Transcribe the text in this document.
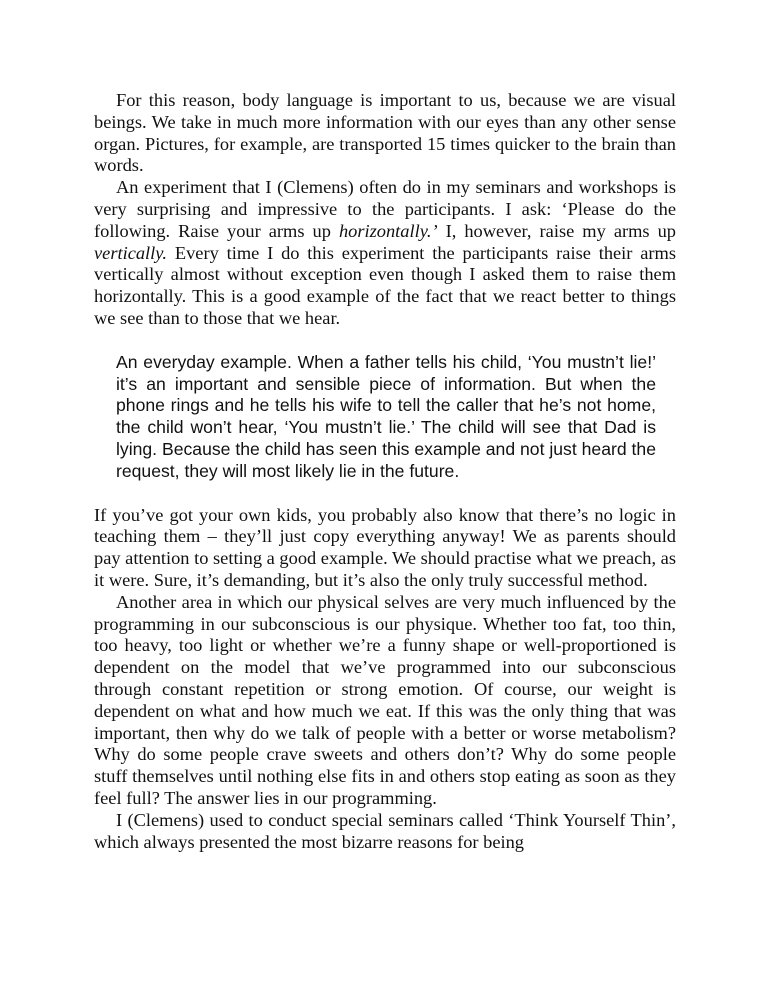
For this reason, body language is important to us, because we are visual beings. We take in much more information with our eyes than any other sense organ. Pictures, for example, are transported 15 times quicker to the brain than words.

An experiment that I (Clemens) often do in my seminars and workshops is very surprising and impressive to the participants. I ask: ‘Please do the following. Raise your arms up horizontally.’ I, however, raise my arms up vertically. Every time I do this experiment the participants raise their arms vertically almost without exception even though I asked them to raise them horizontally. This is a good example of the fact that we react better to things we see than to those that we hear.

An everyday example. When a father tells his child, ‘You mustn’t lie!’ it’s an important and sensible piece of information. But when the phone rings and he tells his wife to tell the caller that he’s not home, the child won’t hear, ‘You mustn’t lie.’ The child will see that Dad is lying. Because the child has seen this example and not just heard the request, they will most likely lie in the future.

If you’ve got your own kids, you probably also know that there’s no logic in teaching them – they’ll just copy everything anyway! We as parents should pay attention to setting a good example. We should practise what we preach, as it were. Sure, it’s demanding, but it’s also the only truly successful method.

Another area in which our physical selves are very much influenced by the programming in our subconscious is our physique. Whether too fat, too thin, too heavy, too light or whether we’re a funny shape or well-proportioned is dependent on the model that we’ve programmed into our subconscious through constant repetition or strong emotion. Of course, our weight is dependent on what and how much we eat. If this was the only thing that was important, then why do we talk of people with a better or worse metabolism? Why do some people crave sweets and others don’t? Why do some people stuff themselves until nothing else fits in and others stop eating as soon as they feel full? The answer lies in our programming.

I (Clemens) used to conduct special seminars called ‘Think Yourself Thin’, which always presented the most bizarre reasons for being
